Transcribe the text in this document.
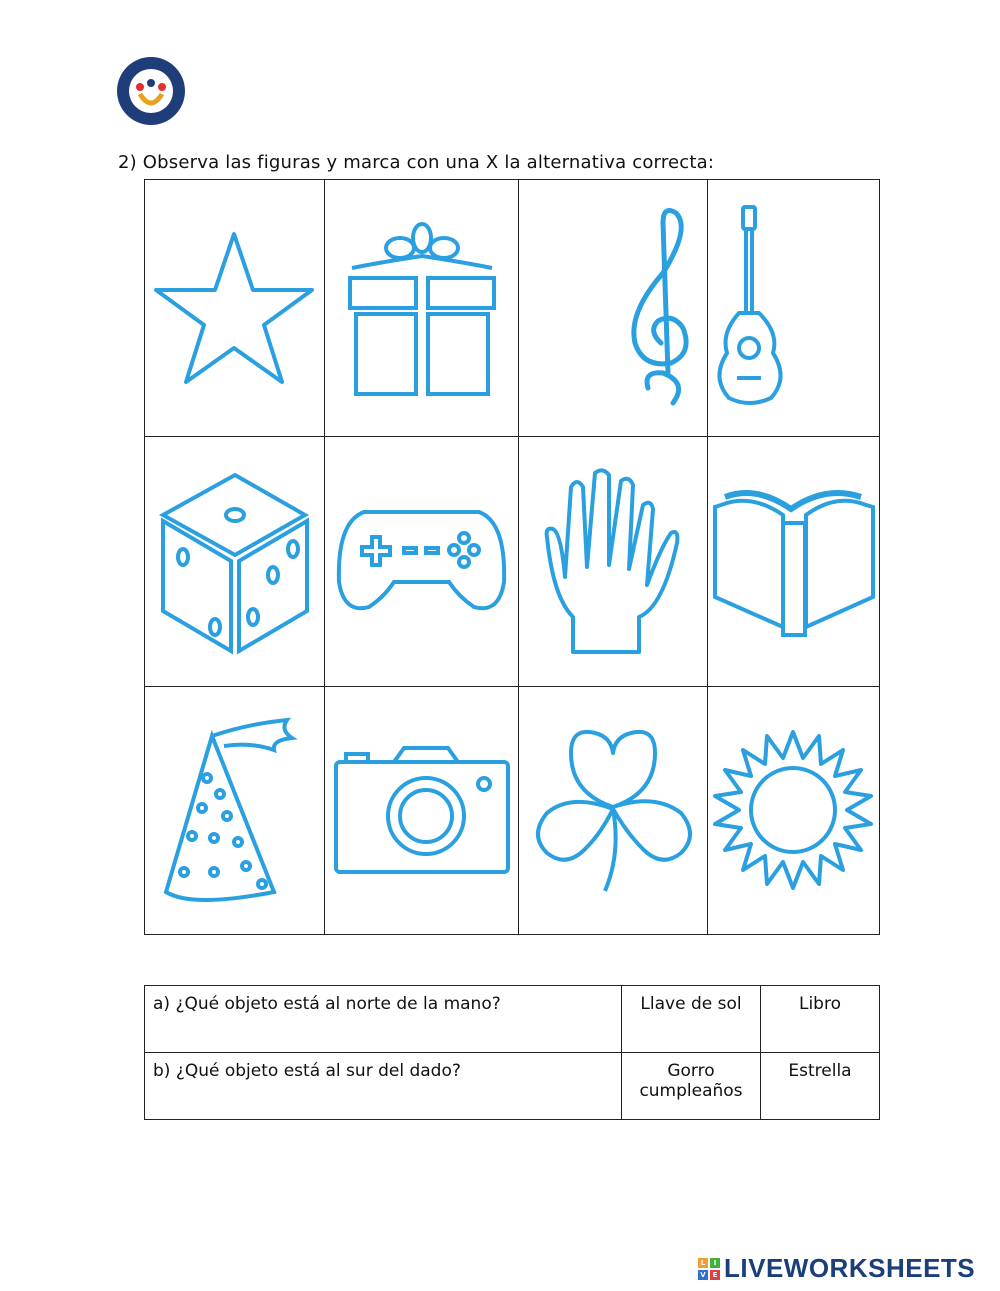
2) Observa las figuras y marca con una X la alternativa correcta:

a) ¿Qué objeto está al norte de la mano?	Llave de sol	Libro
b) ¿Qué objeto está al sur del dado?	Gorro cumpleaños	Estrella
L	I
V E LIVEWORKSHEETS
